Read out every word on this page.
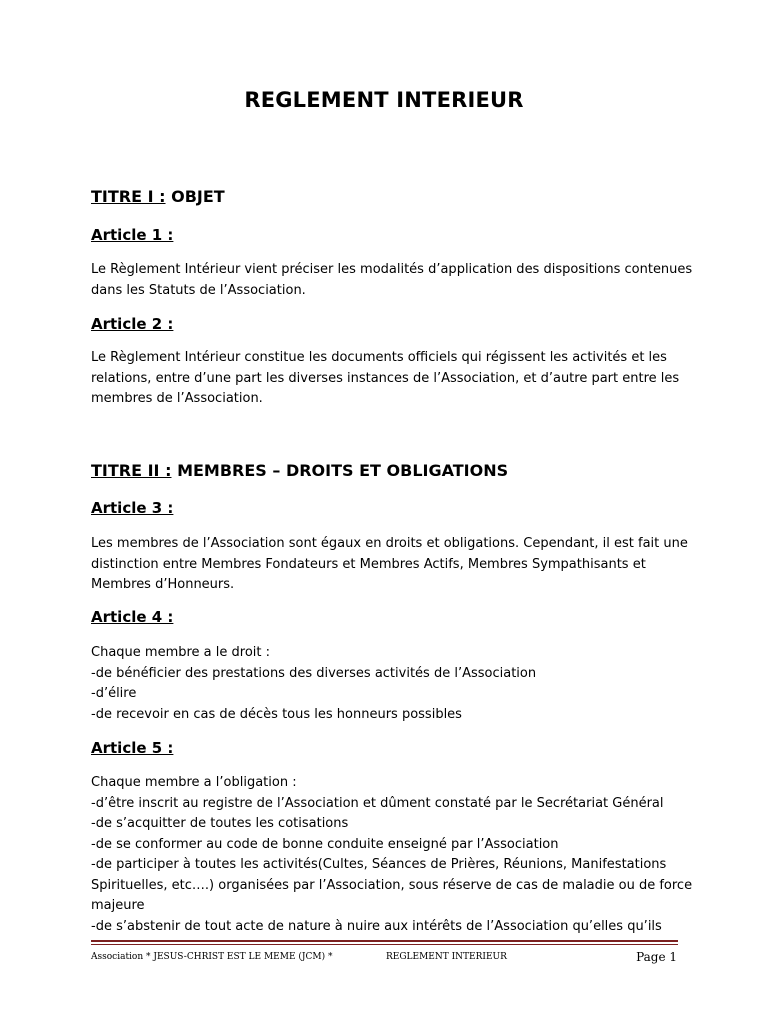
REGLEMENT INTERIEUR
TITRE I : OBJET
Article 1 :
Le Règlement Intérieur vient préciser les modalités d’application des dispositions contenues
dans les Statuts de l’Association.
Article 2 :
Le Règlement Intérieur constitue les documents officiels qui régissent les activités et les
relations, entre d’une part les diverses instances de l’Association, et d’autre part entre les
membres de l’Association.
TITRE II : MEMBRES – DROITS ET OBLIGATIONS
Article 3 :
Les membres de l’Association sont égaux en droits et obligations. Cependant, il est fait une
distinction entre Membres Fondateurs et Membres Actifs, Membres Sympathisants et
Membres d’Honneurs.
Article 4 :
Chaque membre a le droit :
-de bénéficier des prestations des diverses activités de l’Association
-d’élire
-de recevoir en cas de décès tous les honneurs possibles
Article 5 :
Chaque membre a l’obligation :
-d’être inscrit au registre de l’Association et dûment constaté par le Secrétariat Général
-de s’acquitter de toutes les cotisations
-de se conformer au code de bonne conduite enseigné par l’Association
-de participer à toutes les activités(Cultes, Séances de Prières, Réunions, Manifestations
Spirituelles, etc….) organisées par l’Association, sous réserve de cas de maladie ou de force
majeure
-de s’abstenir de tout acte de nature à nuire aux intérêts de l’Association qu’elles qu’ils
Association * JESUS-CHRIST EST LE MEME (JCM) *	REGLEMENT INTERIEUR	Page 1
